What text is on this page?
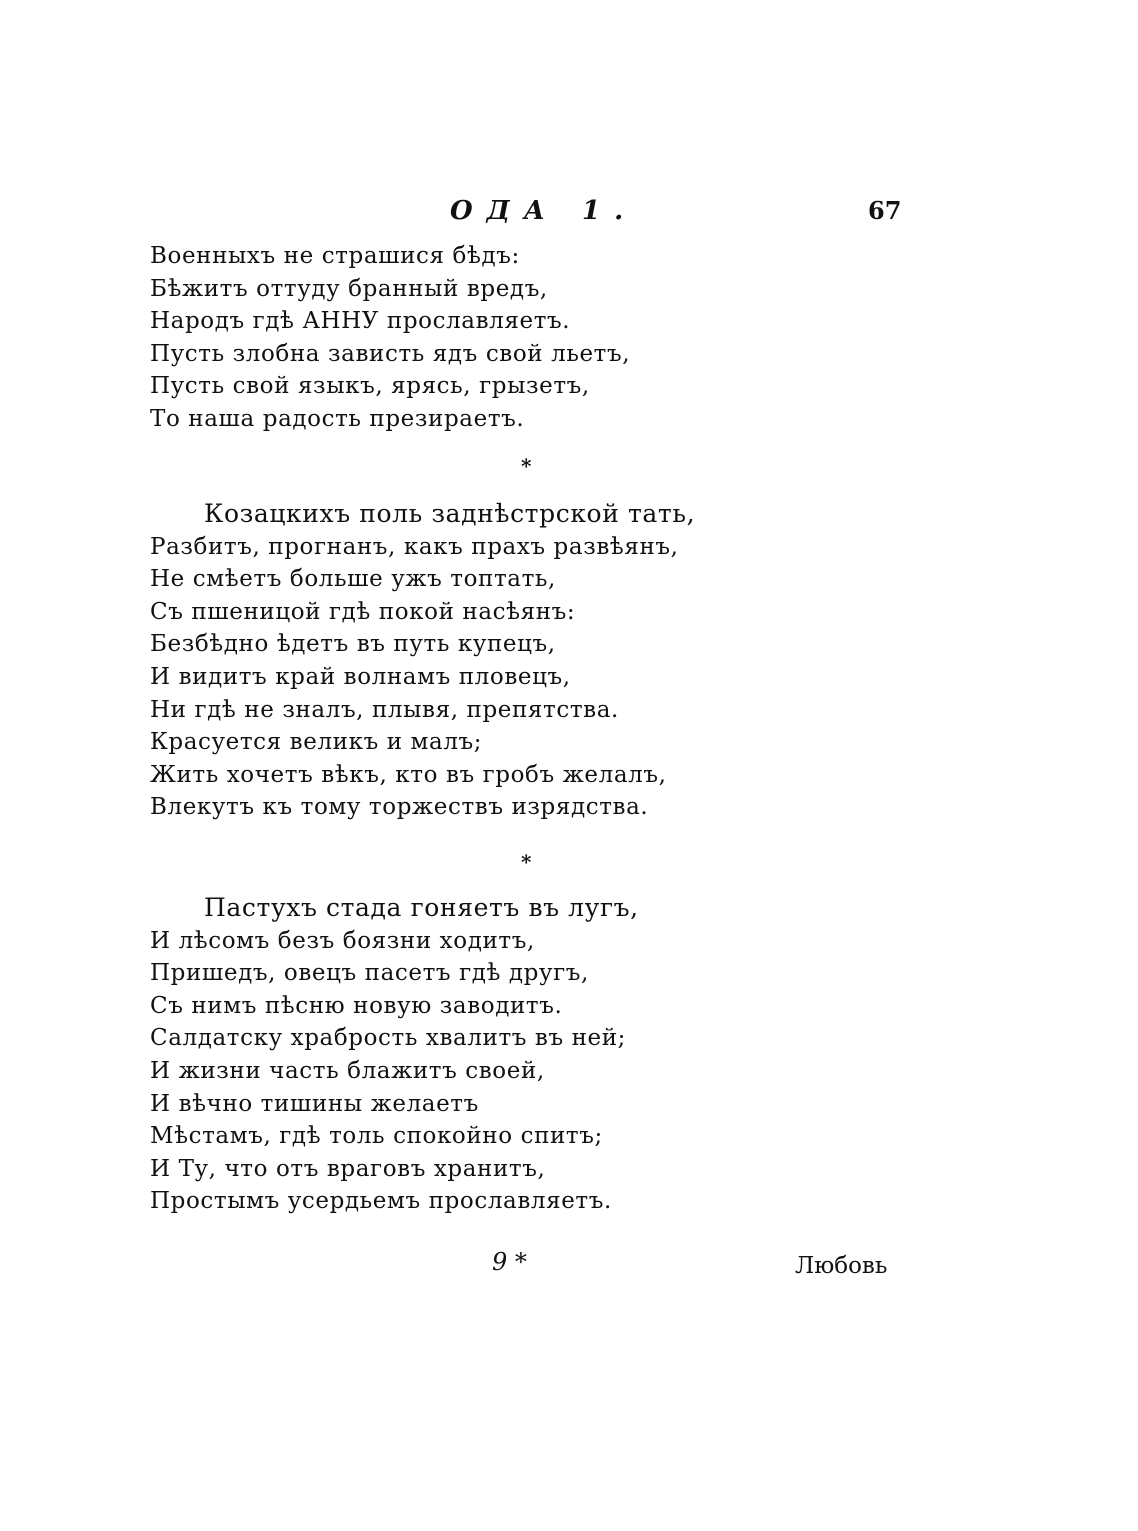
ОДА 1.	67
Военныхъ не страшися бѣдъ:
Бѣжитъ оттуду бранный вредъ,
Народъ гдѣ АННУ прославляетъ.
Пусть злобна зависть ядъ свой льетъ,
Пусть свой языкъ, ярясь, грызетъ,
То наша радость презираетъ.
*
Козацкихъ поль заднѣстрской тать,
Разбитъ, прогнанъ, какъ прахъ развѣянъ,
Не смѣетъ больше ужъ топтать,
Съ пшеницой гдѣ покой насѣянъ:
Безбѣдно ѣдетъ въ путь купецъ,
И видитъ край волнамъ пловецъ,
Ни гдѣ не зналъ, плывя, препятства.
Красуется великъ и малъ;
Жить хочетъ вѣкъ, кто въ гробъ желалъ,
Влекутъ къ тому торжествъ изрядства.
*
Пастухъ стада гоняетъ въ лугъ,
И лѣсомъ безъ боязни ходитъ,
Пришедъ, овецъ пасетъ гдѣ другъ,
Съ нимъ пѣсню новую заводитъ.
Салдатску храбрость хвалитъ въ ней;
И жизни часть блажитъ своей,
И вѣчно тишины желаетъ
Мѣстамъ, гдѣ толь спокойно спитъ;
И Ту, что отъ враговъ хранитъ,
Простымъ усердьемъ прославляетъ.
9 *	Любовь
